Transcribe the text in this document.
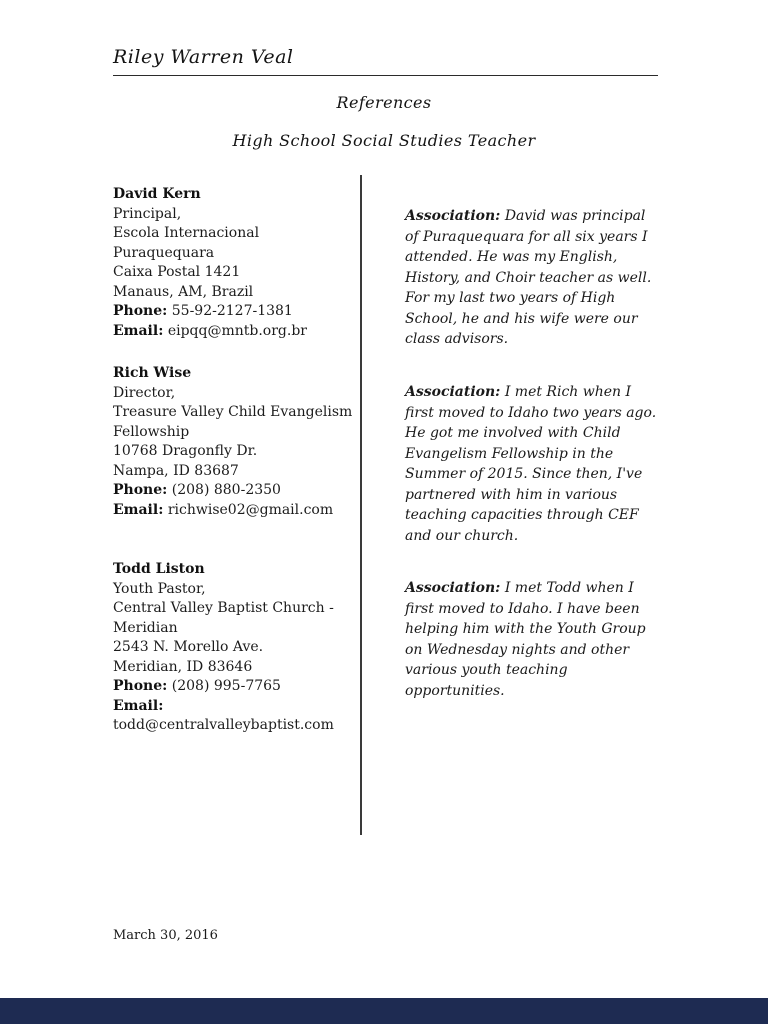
Riley Warren Veal
References
High School Social Studies Teacher
David Kern
Principal,
Escola Internacional Puraquequara
Caixa Postal 1421
Manaus, AM, Brazil
Phone: 55-92-2127-1381
Email: eipqq@mntb.org.br
Association: David was principal of Puraquequara for all six years I attended. He was my English, History, and Choir teacher as well. For my last two years of High School, he and his wife were our class advisors.
Rich Wise
Director,
Treasure Valley Child Evangelism Fellowship
10768 Dragonfly Dr.
Nampa, ID 83687
Phone: (208) 880-2350
Email: richwise02@gmail.com
Association: I met Rich when I first moved to Idaho two years ago. He got me involved with Child Evangelism Fellowship in the Summer of 2015. Since then, I've partnered with him in various teaching capacities through CEF and our church.
Todd Liston
Youth Pastor,
Central Valley Baptist Church - Meridian
2543 N. Morello Ave.
Meridian, ID 83646
Phone: (208) 995-7765
Email: todd@centralvalleybaptist.com
Association: I met Todd when I first moved to Idaho. I have been helping him with the Youth Group on Wednesday nights and other various youth teaching opportunities.
March 30, 2016
